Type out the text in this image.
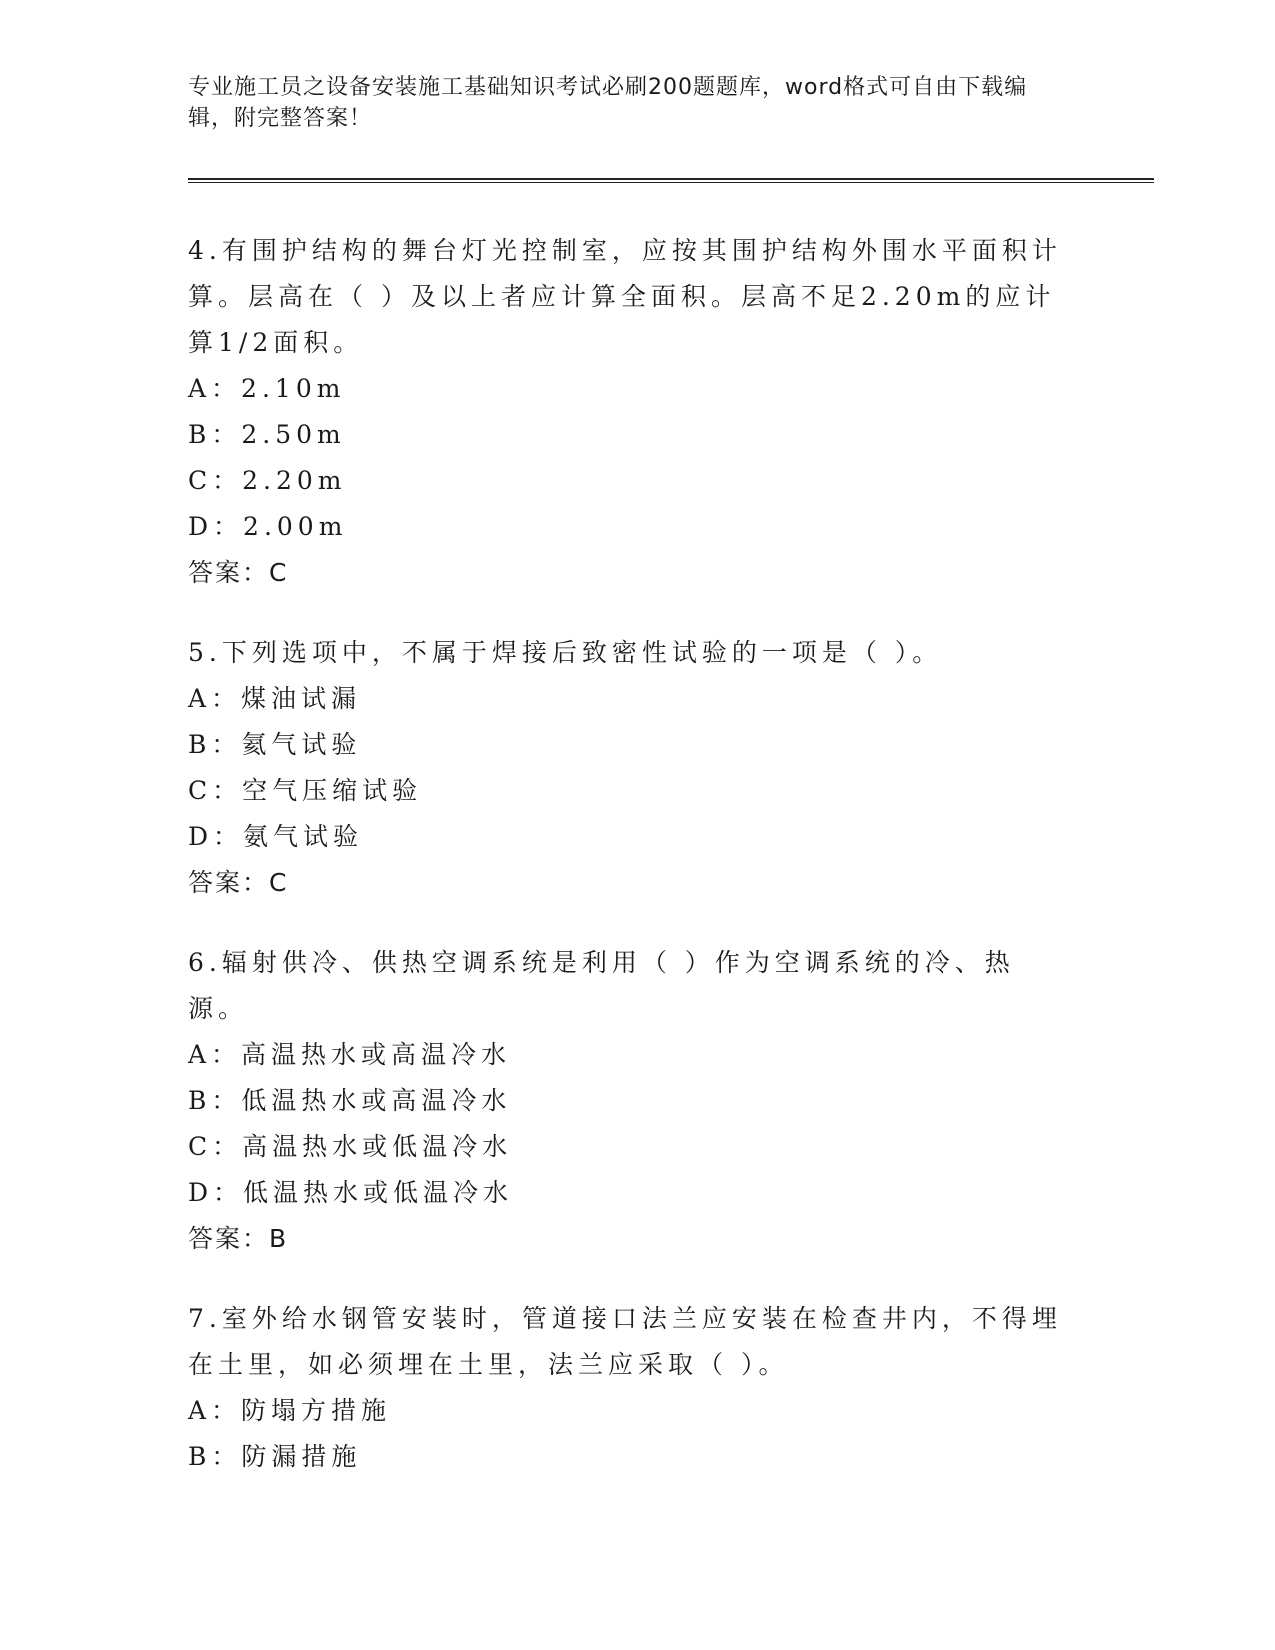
专业施工员之设备安装施工基础知识考试必刷200题题库，word格式可自由下载编辑，附完整答案！
4.有围护结构的舞台灯光控制室，应按其围护结构外围水平面积计算。层高在（ ）及以上者应计算全面积。层高不足2.20m的应计算1/2面积。
A：2.10m
B：2.50m
C：2.20m
D：2.00m
答案：C
5.下列选项中，不属于焊接后致密性试验的一项是（ ）。
A：煤油试漏
B：氦气试验
C：空气压缩试验
D：氨气试验
答案：C
6.辐射供冷、供热空调系统是利用（ ）作为空调系统的冷、热源。
A：高温热水或高温冷水
B：低温热水或高温冷水
C：高温热水或低温冷水
D：低温热水或低温冷水
答案：B
7.室外给水钢管安装时，管道接口法兰应安装在检查井内，不得埋在土里，如必须埋在土里，法兰应采取（ ）。
A：防塌方措施
B：防漏措施
